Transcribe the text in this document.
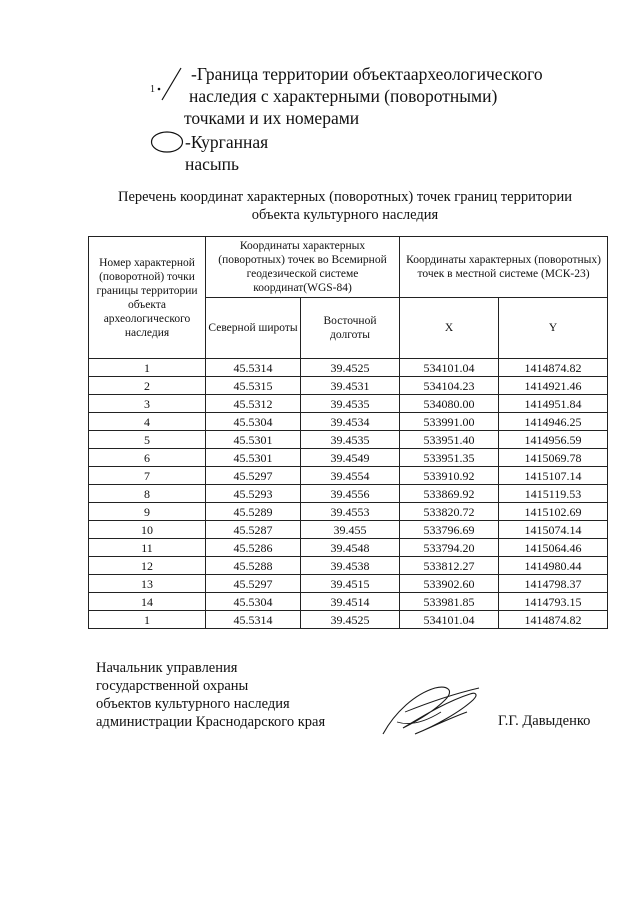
1
-Граница территории объектаархеологического
наследия с характерными (поворотными)
точками и их номерами
-Курганная насыпь
Перечень координат характерных (поворотных) точек границ территории
объекта культурного наследия
Номер характерной (поворотной) точки границы территории объекта археологического наследия	Координаты характерных (поворотных) точек во Всемирной геодезической системе координат(WGS-84)		Координаты характерных (поворотных) точек в местной системе (МСК-23)	
	Северной широты	Восточной долготы	X	Y
1	45.5314	39.4525	534101.04	1414874.82
2	45.5315	39.4531	534104.23	1414921.46
3	45.5312	39.4535	534080.00	1414951.84
4	45.5304	39.4534	533991.00	1414946.25
5	45.5301	39.4535	533951.40	1414956.59
6	45.5301	39.4549	533951.35	1415069.78
7	45.5297	39.4554	533910.92	1415107.14
8	45.5293	39.4556	533869.92	1415119.53
9	45.5289	39.4553	533820.72	1415102.69
10	45.5287	39.455	533796.69	1415074.14
11	45.5286	39.4548	533794.20	1415064.46
12	45.5288	39.4538	533812.27	1414980.44
13	45.5297	39.4515	533902.60	1414798.37
14	45.5304	39.4514	533981.85	1414793.15
1	45.5314	39.4525	534101.04	1414874.82
Начальник управления
государственной охраны
объектов культурного наследия
администрации Краснодарского края	Г.Г. Давыденко
